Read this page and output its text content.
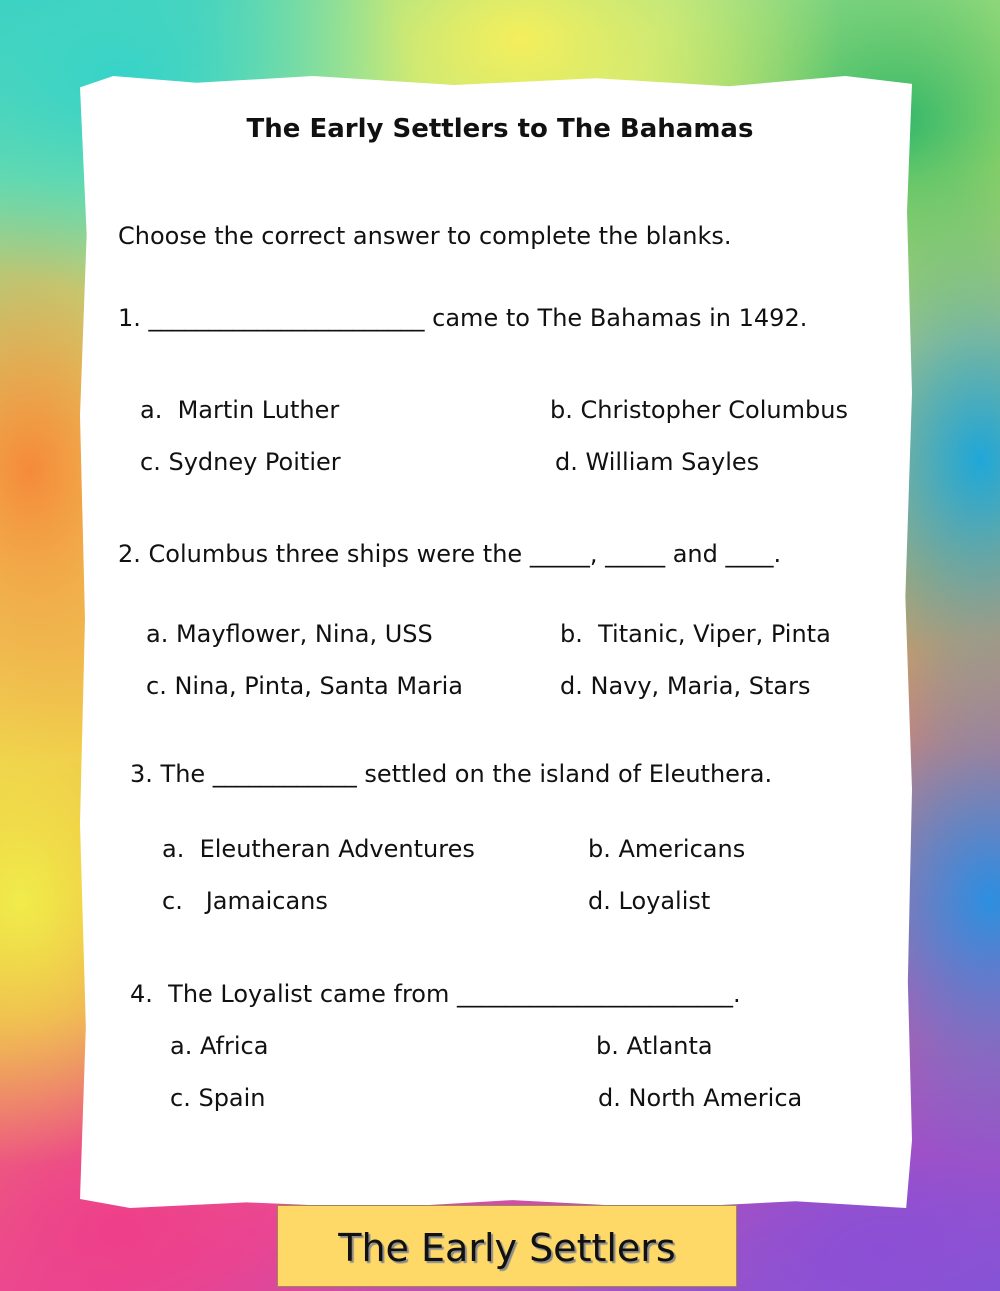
The Early Settlers to The Bahamas
Choose the correct answer to complete the blanks.
1. _______________________ came to The Bahamas in 1492.
a.  Martin Luther	b. Christopher Columbus
c. Sydney Poitier	d. William Sayles
2. Columbus three ships were the _____, _____ and ____.
a. Mayflower, Nina, USS	b.  Titanic, Viper, Pinta
c. Nina, Pinta, Santa Maria	d. Navy, Maria, Stars
3. The ____________ settled on the island of Eleuthera.
a.  Eleutheran Adventures	b. Americans
c.   Jamaicans	d. Loyalist
4.  The Loyalist came from _______________________.
a. Africa	b. Atlanta
c. Spain	d. North America
The Early Settlers
